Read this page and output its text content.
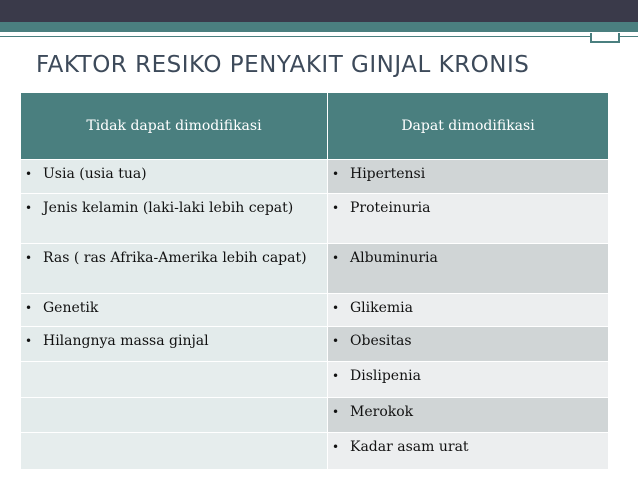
FAKTOR RESIKO PENYAKIT GINJAL KRONIS
Tidak dapat dimodifikasi	Dapat dimodifikasi

• Usia (usia tua)	• Hipertensi

• Jenis kelamin (laki-laki lebih cepat)	• Proteinuria

• Ras ( ras Afrika-Amerika lebih capat)	• Albuminuria

• Genetik	• Glikemia

• Hilangnya massa ginjal	• Obesitas

	• Dislipenia

	• Merokok

	• Kadar asam urat
